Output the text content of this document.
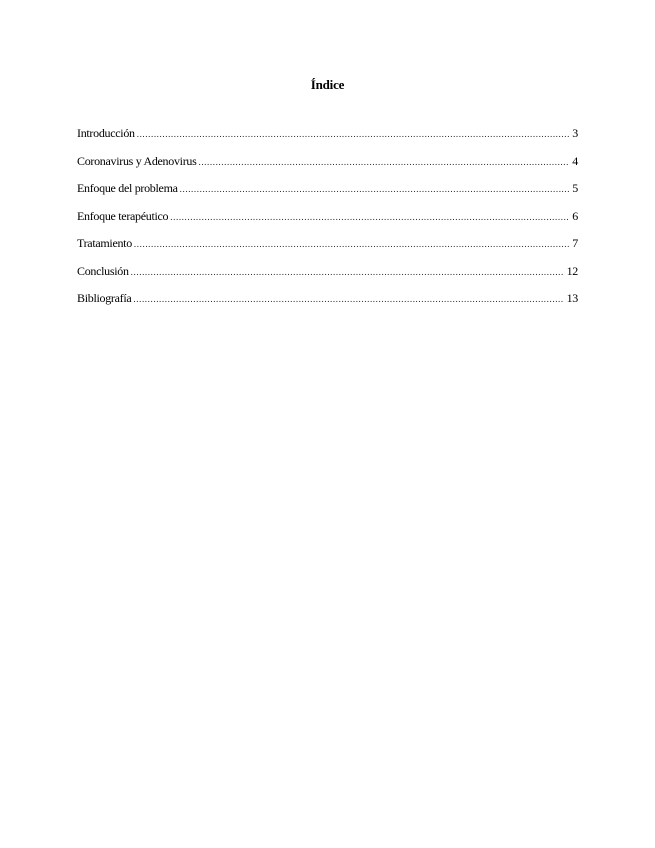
Índice
Introducción .....	3
Coronavirus y Adenovirus .....	4
Enfoque del problema .....	5
Enfoque terapéutico .....	6
Tratamiento .....	7
Conclusión .....	12
Bibliografía .....	13
